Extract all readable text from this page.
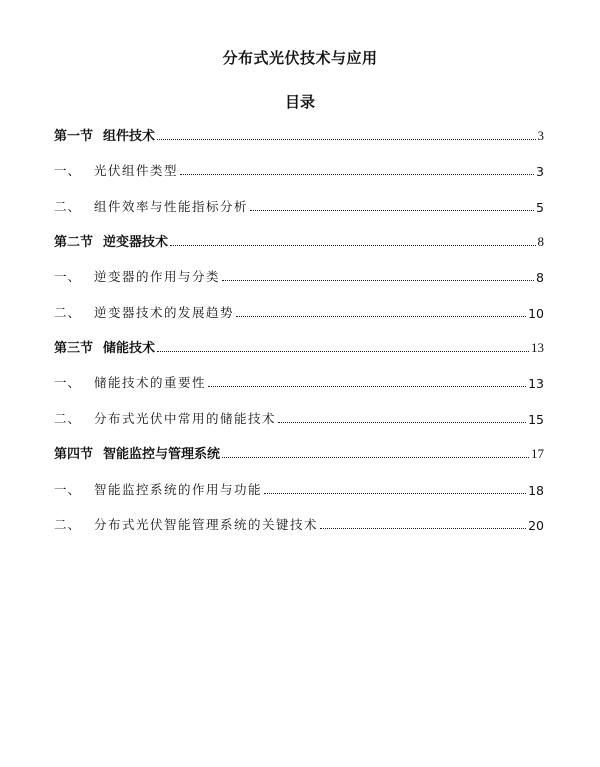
分布式光伏技术与应用
目录
第一节 组件技术	3
一、	光伏组件类型	3
二、	组件效率与性能指标分析	5
第二节 逆变器技术	8
一、	逆变器的作用与分类	8
二、	逆变器技术的发展趋势	10
第三节 储能技术	13
一、	储能技术的重要性	13
二、	分布式光伏中常用的储能技术	15
第四节 智能监控与管理系统	17
一、	智能监控系统的作用与功能	18
二、	分布式光伏智能管理系统的关键技术	20
